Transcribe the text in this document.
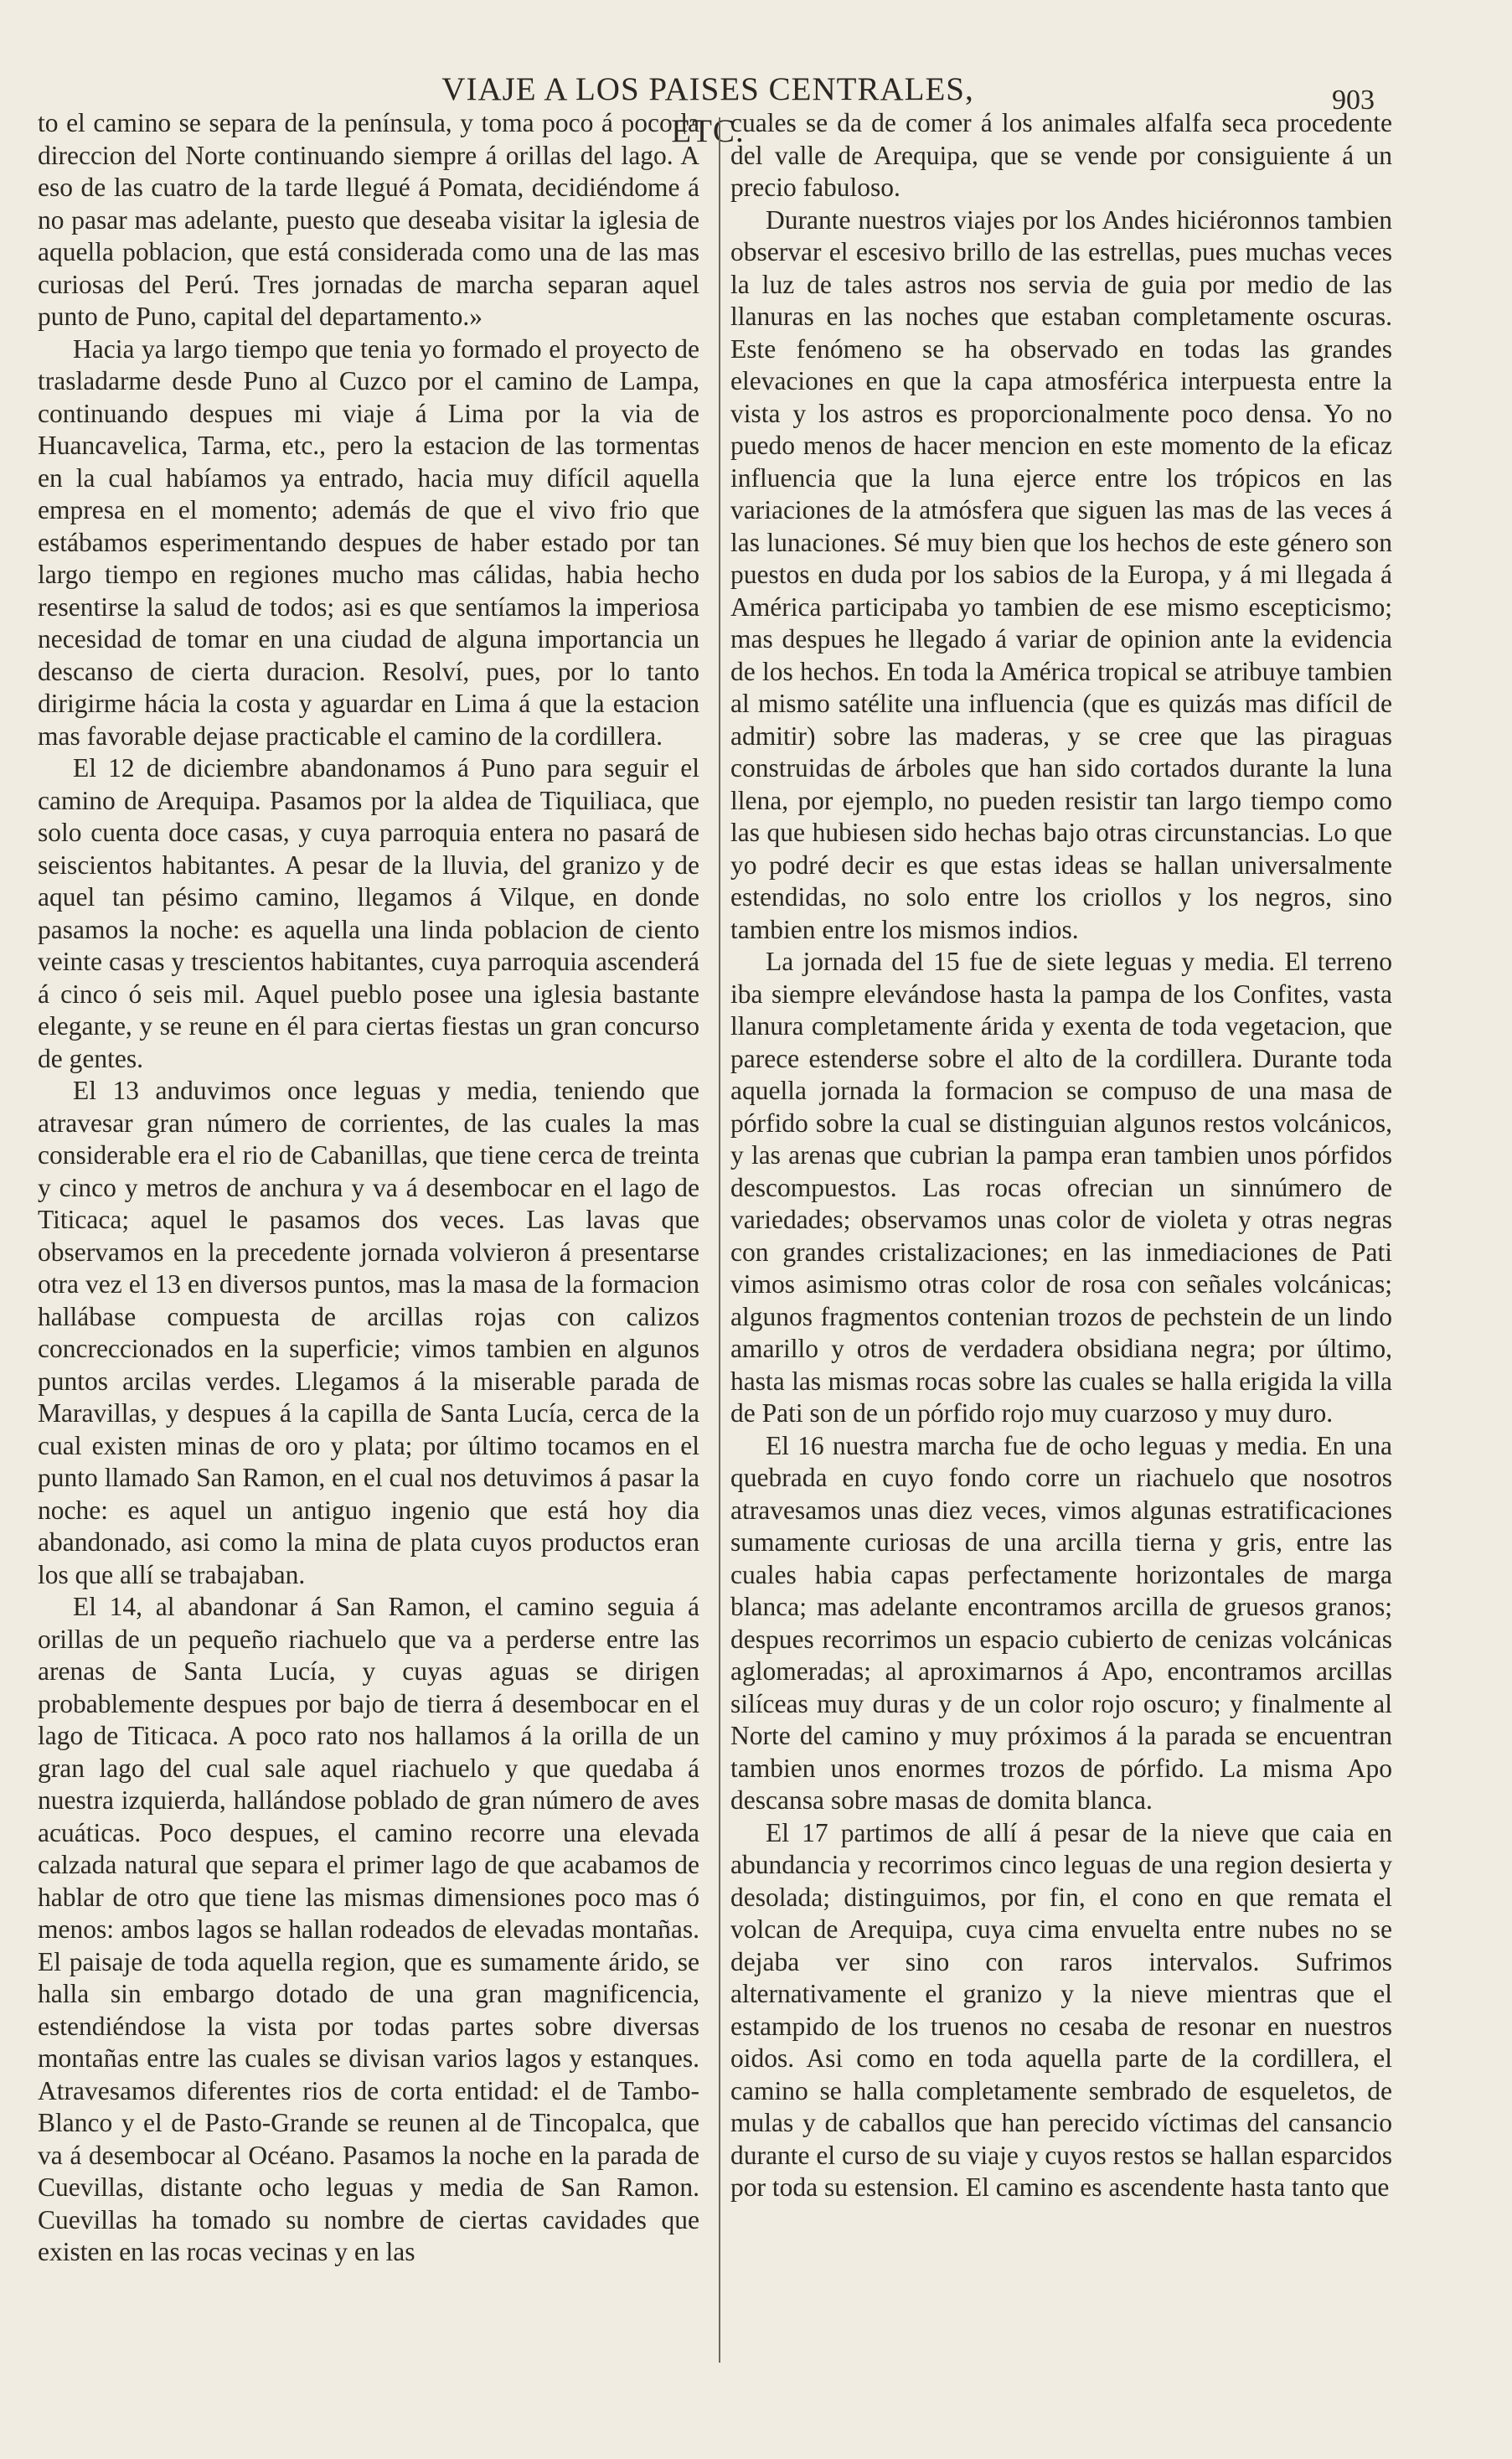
VIAJE A LOS PAISES CENTRALES, ETC.
903

to el camino se separa de la península, y toma poco á poco la direccion del Norte continuando siempre á orillas del lago. A eso de las cuatro de la tarde llegué á Pomata, decidiéndome á no pasar mas adelante, puesto que deseaba visitar la iglesia de aquella poblacion, que está considerada como una de las mas curiosas del Perú. Tres jornadas de marcha separan aquel punto de Puno, capital del departamento.»

Hacia ya largo tiempo que tenia yo formado el proyecto de trasladarme desde Puno al Cuzco por el camino de Lampa, continuando despues mi viaje á Lima por la via de Huancavelica, Tarma, etc., pero la estacion de las tormentas en la cual habíamos ya entrado, hacia muy difícil aquella empresa en el momento; además de que el vivo frio que estábamos esperimentando despues de haber estado por tan largo tiempo en regiones mucho mas cálidas, habia hecho resentirse la salud de todos; asi es que sentíamos la imperiosa necesidad de tomar en una ciudad de alguna importancia un descanso de cierta duracion. Resolví, pues, por lo tanto dirigirme hácia la costa y aguardar en Lima á que la estacion mas favorable dejase practicable el camino de la cordillera.

El 12 de diciembre abandonamos á Puno para seguir el camino de Arequipa. Pasamos por la aldea de Tiquiliaca, que solo cuenta doce casas, y cuya parroquia entera no pasará de seiscientos habitantes. A pesar de la lluvia, del granizo y de aquel tan pésimo camino, llegamos á Vilque, en donde pasamos la noche: es aquella una linda poblacion de ciento veinte casas y trescientos habitantes, cuya parroquia ascenderá á cinco ó seis mil. Aquel pueblo posee una iglesia bastante elegante, y se reune en él para ciertas fiestas un gran concurso de gentes.

El 13 anduvimos once leguas y media, teniendo que atravesar gran número de corrientes, de las cuales la mas considerable era el rio de Cabanillas, que tiene cerca de treinta y cinco y metros de anchura y va á desembocar en el lago de Titicaca; aquel le pasamos dos veces. Las lavas que observamos en la precedente jornada volvieron á presentarse otra vez el 13 en diversos puntos, mas la masa de la formacion hallábase compuesta de arcillas rojas con calizos concreccionados en la superficie; vimos tambien en algunos puntos arcilas verdes. Llegamos á la miserable parada de Maravillas, y despues á la capilla de Santa Lucía, cerca de la cual existen minas de oro y plata; por último tocamos en el punto llamado San Ramon, en el cual nos detuvimos á pasar la noche: es aquel un antiguo ingenio que está hoy dia abandonado, asi como la mina de plata cuyos productos eran los que allí se trabajaban.

El 14, al abandonar á San Ramon, el camino seguia á orillas de un pequeño riachuelo que va a perderse entre las arenas de Santa Lucía, y cuyas aguas se dirigen probablemente despues por bajo de tierra á desembocar en el lago de Titicaca. A poco rato nos hallamos á la orilla de un gran lago del cual sale aquel riachuelo y que quedaba á nuestra izquierda, hallándose poblado de gran número de aves acuáticas. Poco despues, el camino recorre una elevada calzada natural que separa el primer lago de que acabamos de hablar de otro que tiene las mismas dimensiones poco mas ó menos: ambos lagos se hallan rodeados de elevadas montañas. El paisaje de toda aquella region, que es sumamente árido, se halla sin embargo dotado de una gran magnificencia, estendiéndose la vista por todas partes sobre diversas montañas entre las cuales se divisan varios lagos y estanques. Atravesamos diferentes rios de corta entidad: el de Tambo-Blanco y el de Pasto-Grande se reunen al de Tincopalca, que va á desembocar al Océano. Pasamos la noche en la parada de Cuevillas, distante ocho leguas y media de San Ramon. Cuevillas ha tomado su nombre de ciertas cavidades que existen en las rocas vecinas y en las

cuales se da de comer á los animales alfalfa seca procedente del valle de Arequipa, que se vende por consiguiente á un precio fabuloso.

Durante nuestros viajes por los Andes hiciéronnos tambien observar el escesivo brillo de las estrellas, pues muchas veces la luz de tales astros nos servia de guia por medio de las llanuras en las noches que estaban completamente oscuras. Este fenómeno se ha observado en todas las grandes elevaciones en que la capa atmosférica interpuesta entre la vista y los astros es proporcionalmente poco densa. Yo no puedo menos de hacer mencion en este momento de la eficaz influencia que la luna ejerce entre los trópicos en las variaciones de la atmósfera que siguen las mas de las veces á las lunaciones. Sé muy bien que los hechos de este género son puestos en duda por los sabios de la Europa, y á mi llegada á América participaba yo tambien de ese mismo escepticismo; mas despues he llegado á variar de opinion ante la evidencia de los hechos. En toda la América tropical se atribuye tambien al mismo satélite una influencia (que es quizás mas difícil de admitir) sobre las maderas, y se cree que las piraguas construidas de árboles que han sido cortados durante la luna llena, por ejemplo, no pueden resistir tan largo tiempo como las que hubiesen sido hechas bajo otras circunstancias. Lo que yo podré decir es que estas ideas se hallan universalmente estendidas, no solo entre los criollos y los negros, sino tambien entre los mismos indios.

La jornada del 15 fue de siete leguas y media. El terreno iba siempre elevándose hasta la pampa de los Confites, vasta llanura completamente árida y exenta de toda vegetacion, que parece estenderse sobre el alto de la cordillera. Durante toda aquella jornada la formacion se compuso de una masa de pórfido sobre la cual se distinguian algunos restos volcánicos, y las arenas que cubrian la pampa eran tambien unos pórfidos descompuestos. Las rocas ofrecian un sinnúmero de variedades; observamos unas color de violeta y otras negras con grandes cristalizaciones; en las inmediaciones de Pati vimos asimismo otras color de rosa con señales volcánicas; algunos fragmentos contenian trozos de pechstein de un lindo amarillo y otros de verdadera obsidiana negra; por último, hasta las mismas rocas sobre las cuales se halla erigida la villa de Pati son de un pórfido rojo muy cuarzoso y muy duro.

El 16 nuestra marcha fue de ocho leguas y media. En una quebrada en cuyo fondo corre un riachuelo que nosotros atravesamos unas diez veces, vimos algunas estratificaciones sumamente curiosas de una arcilla tierna y gris, entre las cuales habia capas perfectamente horizontales de marga blanca; mas adelante encontramos arcilla de gruesos granos; despues recorrimos un espacio cubierto de cenizas volcánicas aglomeradas; al aproximarnos á Apo, encontramos arcillas silíceas muy duras y de un color rojo oscuro; y finalmente al Norte del camino y muy próximos á la parada se encuentran tambien unos enormes trozos de pórfido. La misma Apo descansa sobre masas de domita blanca.

El 17 partimos de allí á pesar de la nieve que caia en abundancia y recorrimos cinco leguas de una region desierta y desolada; distinguimos, por fin, el cono en que remata el volcan de Arequipa, cuya cima envuelta entre nubes no se dejaba ver sino con raros intervalos. Sufrimos alternativamente el granizo y la nieve mientras que el estampido de los truenos no cesaba de resonar en nuestros oidos. Asi como en toda aquella parte de la cordillera, el camino se halla completamente sembrado de esqueletos, de mulas y de caballos que han perecido víctimas del cansancio durante el curso de su viaje y cuyos restos se hallan esparcidos por toda su estension. El camino es ascendente hasta tanto que
